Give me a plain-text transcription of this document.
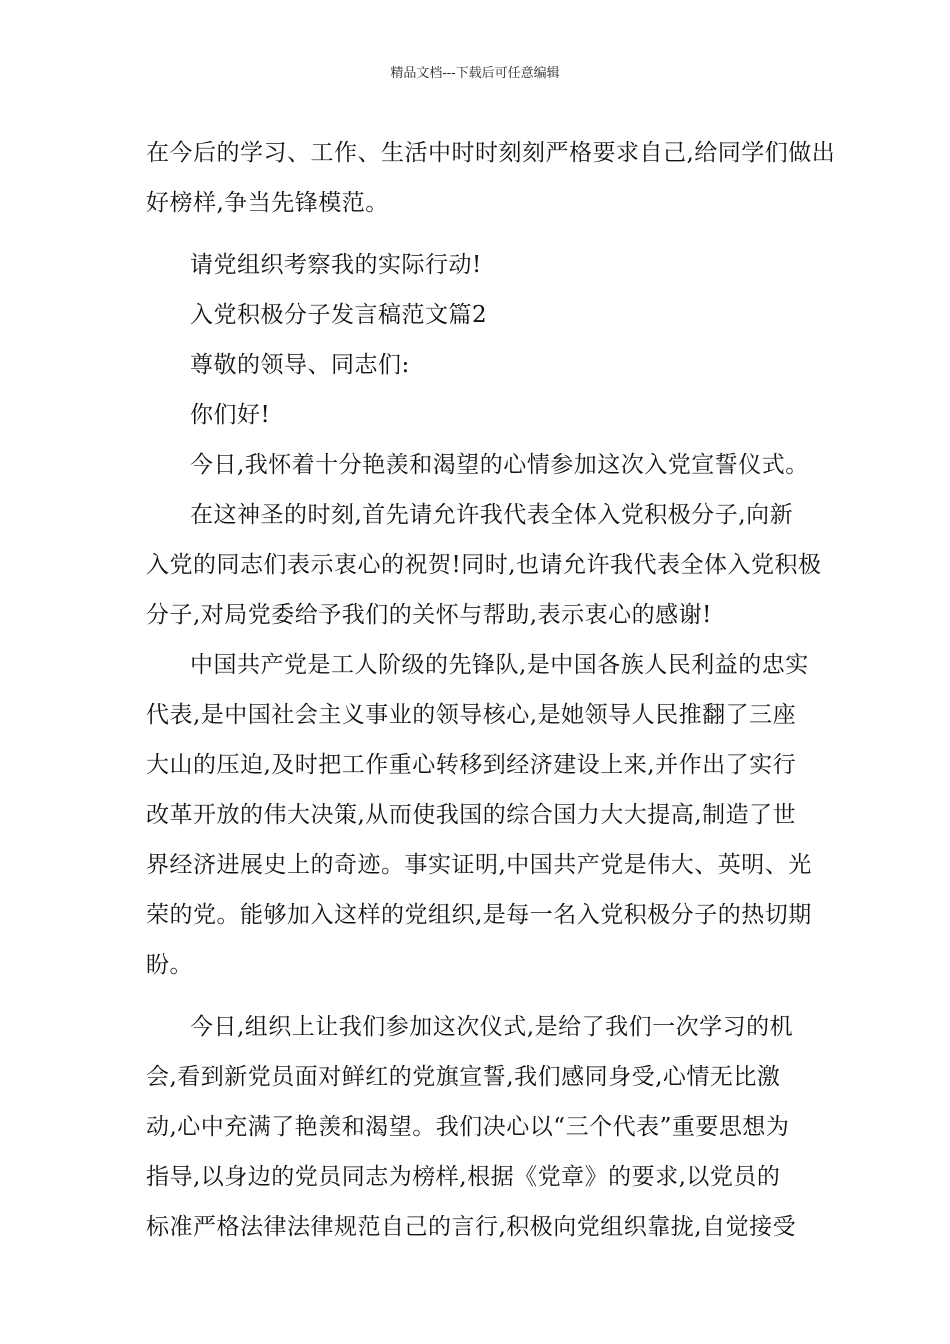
精品文档---下载后可任意编辑
在今后的学习、工作、生活中时时刻刻严格要求自己,给同学们做出
好榜样,争当先锋模范。
请党组织考察我的实际行动!
入党积极分子发言稿范文篇2
尊敬的领导、同志们:
你们好!
今日,我怀着十分艳羡和渴望的心情参加这次入党宣誓仪式。
在这神圣的时刻,首先请允许我代表全体入党积极分子,向新
入党的同志们表示衷心的祝贺!同时,也请允许我代表全体入党积极
分子,对局党委给予我们的关怀与帮助,表示衷心的感谢!
中国共产党是工人阶级的先锋队,是中国各族人民利益的忠实
代表,是中国社会主义事业的领导核心,是她领导人民推翻了三座
大山的压迫,及时把工作重心转移到经济建设上来,并作出了实行
改革开放的伟大决策,从而使我国的综合国力大大提高,制造了世
界经济进展史上的奇迹。事实证明,中国共产党是伟大、英明、光
荣的党。能够加入这样的党组织,是每一名入党积极分子的热切期
盼。
今日,组织上让我们参加这次仪式,是给了我们一次学习的机
会,看到新党员面对鲜红的党旗宣誓,我们感同身受,心情无比激
动,心中充满了艳羡和渴望。我们决心以“三个代表”重要思想为
指导,以身边的党员同志为榜样,根据《党章》的要求,以党员的
标准严格法律法律规范自己的言行,积极向党组织靠拢,自觉接受
